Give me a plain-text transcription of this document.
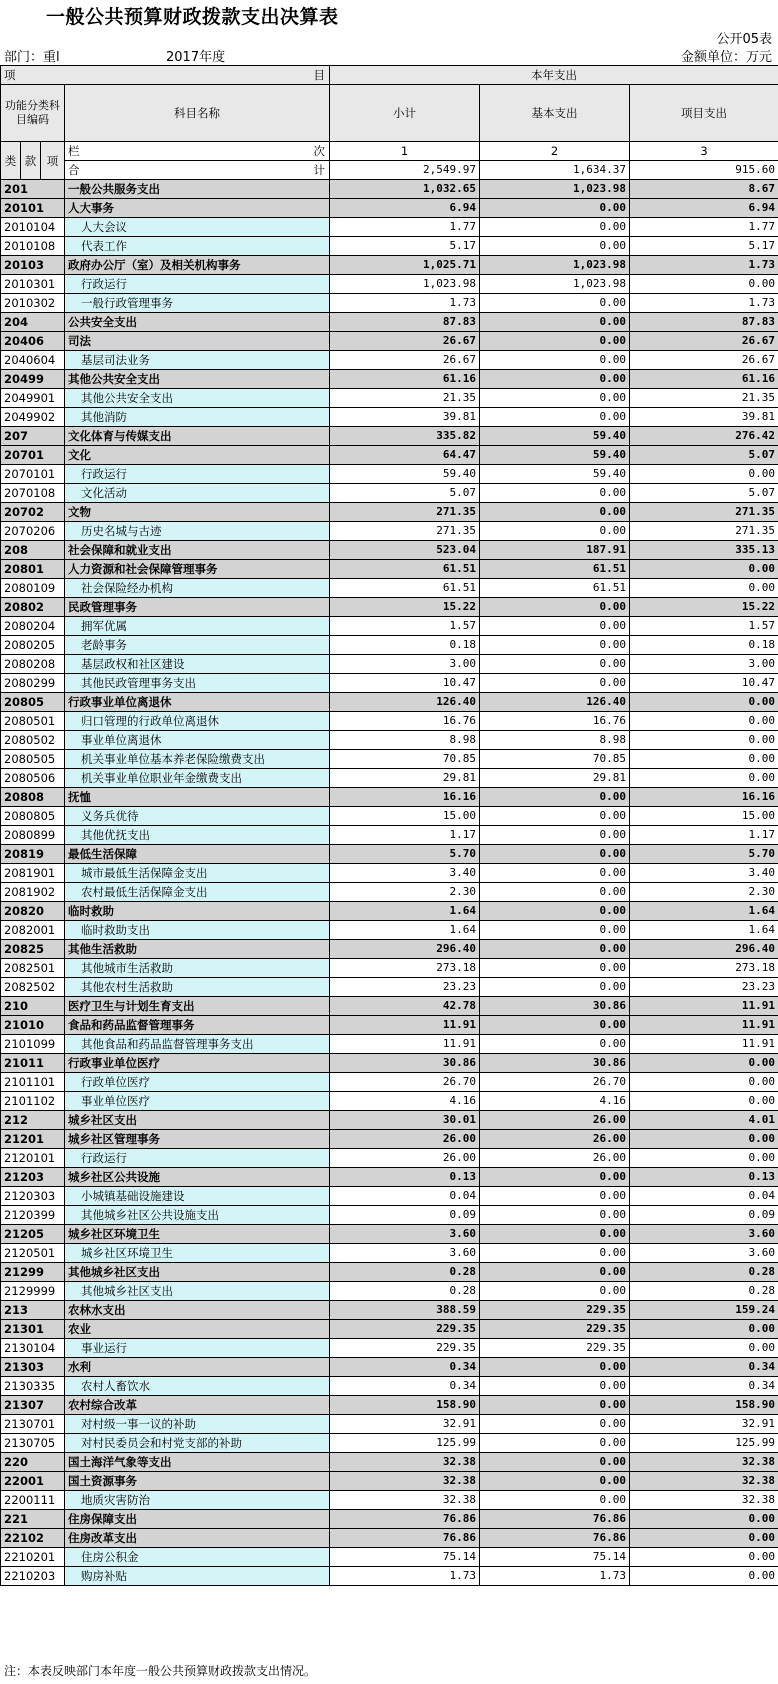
一般公共预算财政拨款支出决算表
公开05表
部门：重l	2017年度	金额单位：万元
项 目				本年支出		
功能分类科目编码			科目名称	小计	基本支出	项目支出
类	款	项	栏 次	1	2	3
			合 计	2,549.97	1,634.37	915.60
201			一般公共服务支出	1,032.65	1,023.98	8.67
20101			人大事务	6.94	0.00	6.94
2010104			人大会议	1.77	0.00	1.77
2010108			代表工作	5.17	0.00	5.17
20103			政府办公厅（室）及相关机构事务	1,025.71	1,023.98	1.73
2010301			行政运行	1,023.98	1,023.98	0.00
2010302			一般行政管理事务	1.73	0.00	1.73
204			公共安全支出	87.83	0.00	87.83
20406			司法	26.67	0.00	26.67
2040604			基层司法业务	26.67	0.00	26.67
20499			其他公共安全支出	61.16	0.00	61.16
2049901			其他公共安全支出	21.35	0.00	21.35
2049902			其他消防	39.81	0.00	39.81
207			文化体育与传媒支出	335.82	59.40	276.42
20701			文化	64.47	59.40	5.07
2070101			行政运行	59.40	59.40	0.00
2070108			文化活动	5.07	0.00	5.07
20702			文物	271.35	0.00	271.35
2070206			历史名城与古迹	271.35	0.00	271.35
208			社会保障和就业支出	523.04	187.91	335.13
20801			人力资源和社会保障管理事务	61.51	61.51	0.00
2080109			社会保险经办机构	61.51	61.51	0.00
20802			民政管理事务	15.22	0.00	15.22
2080204			拥军优属	1.57	0.00	1.57
2080205			老龄事务	0.18	0.00	0.18
2080208			基层政权和社区建设	3.00	0.00	3.00
2080299			其他民政管理事务支出	10.47	0.00	10.47
20805			行政事业单位离退休	126.40	126.40	0.00
2080501			归口管理的行政单位离退休	16.76	16.76	0.00
2080502			事业单位离退休	8.98	8.98	0.00
2080505			机关事业单位基本养老保险缴费支出	70.85	70.85	0.00
2080506			机关事业单位职业年金缴费支出	29.81	29.81	0.00
20808			抚恤	16.16	0.00	16.16
2080805			义务兵优待	15.00	0.00	15.00
2080899			其他优抚支出	1.17	0.00	1.17
20819			最低生活保障	5.70	0.00	5.70
2081901			城市最低生活保障金支出	3.40	0.00	3.40
2081902			农村最低生活保障金支出	2.30	0.00	2.30
20820			临时救助	1.64	0.00	1.64
2082001			临时救助支出	1.64	0.00	1.64
20825			其他生活救助	296.40	0.00	296.40
2082501			其他城市生活救助	273.18	0.00	273.18
2082502			其他农村生活救助	23.23	0.00	23.23
210			医疗卫生与计划生育支出	42.78	30.86	11.91
21010			食品和药品监督管理事务	11.91	0.00	11.91
2101099			其他食品和药品监督管理事务支出	11.91	0.00	11.91
21011			行政事业单位医疗	30.86	30.86	0.00
2101101			行政单位医疗	26.70	26.70	0.00
2101102			事业单位医疗	4.16	4.16	0.00
212			城乡社区支出	30.01	26.00	4.01
21201			城乡社区管理事务	26.00	26.00	0.00
2120101			行政运行	26.00	26.00	0.00
21203			城乡社区公共设施	0.13	0.00	0.13
2120303			小城镇基础设施建设	0.04	0.00	0.04
2120399			其他城乡社区公共设施支出	0.09	0.00	0.09
21205			城乡社区环境卫生	3.60	0.00	3.60
2120501			城乡社区环境卫生	3.60	0.00	3.60
21299			其他城乡社区支出	0.28	0.00	0.28
2129999			其他城乡社区支出	0.28	0.00	0.28
213			农林水支出	388.59	229.35	159.24
21301			农业	229.35	229.35	0.00
2130104			事业运行	229.35	229.35	0.00
21303			水利	0.34	0.00	0.34
2130335			农村人畜饮水	0.34	0.00	0.34
21307			农村综合改革	158.90	0.00	158.90
2130701			对村级一事一议的补助	32.91	0.00	32.91
2130705			对村民委员会和村党支部的补助	125.99	0.00	125.99
220			国土海洋气象等支出	32.38	0.00	32.38
22001			国土资源事务	32.38	0.00	32.38
2200111			地质灾害防治	32.38	0.00	32.38
221			住房保障支出	76.86	76.86	0.00
22102			住房改革支出	76.86	76.86	0.00
2210201			住房公积金	75.14	75.14	0.00
2210203			购房补贴	1.73	1.73	0.00
注：本表反映部门本年度一般公共预算财政拨款支出情况。
